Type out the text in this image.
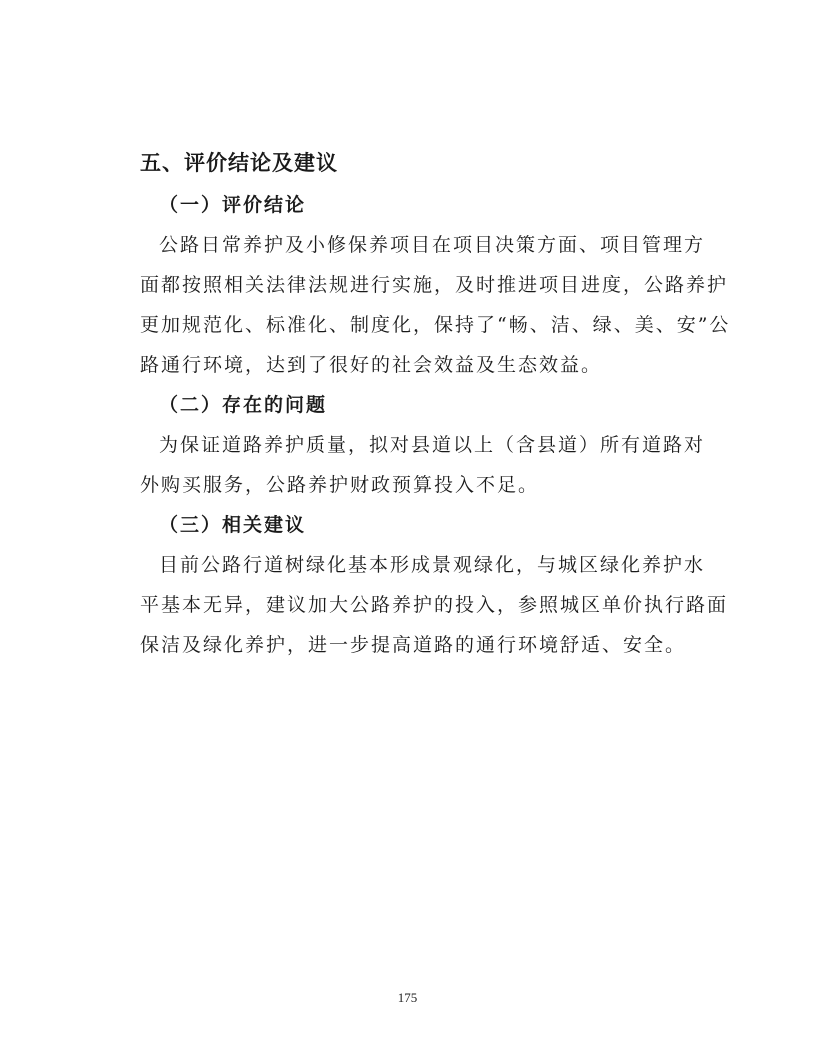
五、评价结论及建议
（一）评价结论

公路日常养护及小修保养项目在项目决策方面、项目管理方
面都按照相关法律法规进行实施，及时推进项目进度，公路养护
更加规范化、标准化、制度化，保持了“畅、洁、绿、美、安”公
路通行环境，达到了很好的社会效益及生态效益。

（二）存在的问题

为保证道路养护质量，拟对县道以上（含县道）所有道路对
外购买服务，公路养护财政预算投入不足。

（三）相关建议

目前公路行道树绿化基本形成景观绿化，与城区绿化养护水
平基本无异，建议加大公路养护的投入，参照城区单价执行路面
保洁及绿化养护，进一步提高道路的通行环境舒适、安全。

175
